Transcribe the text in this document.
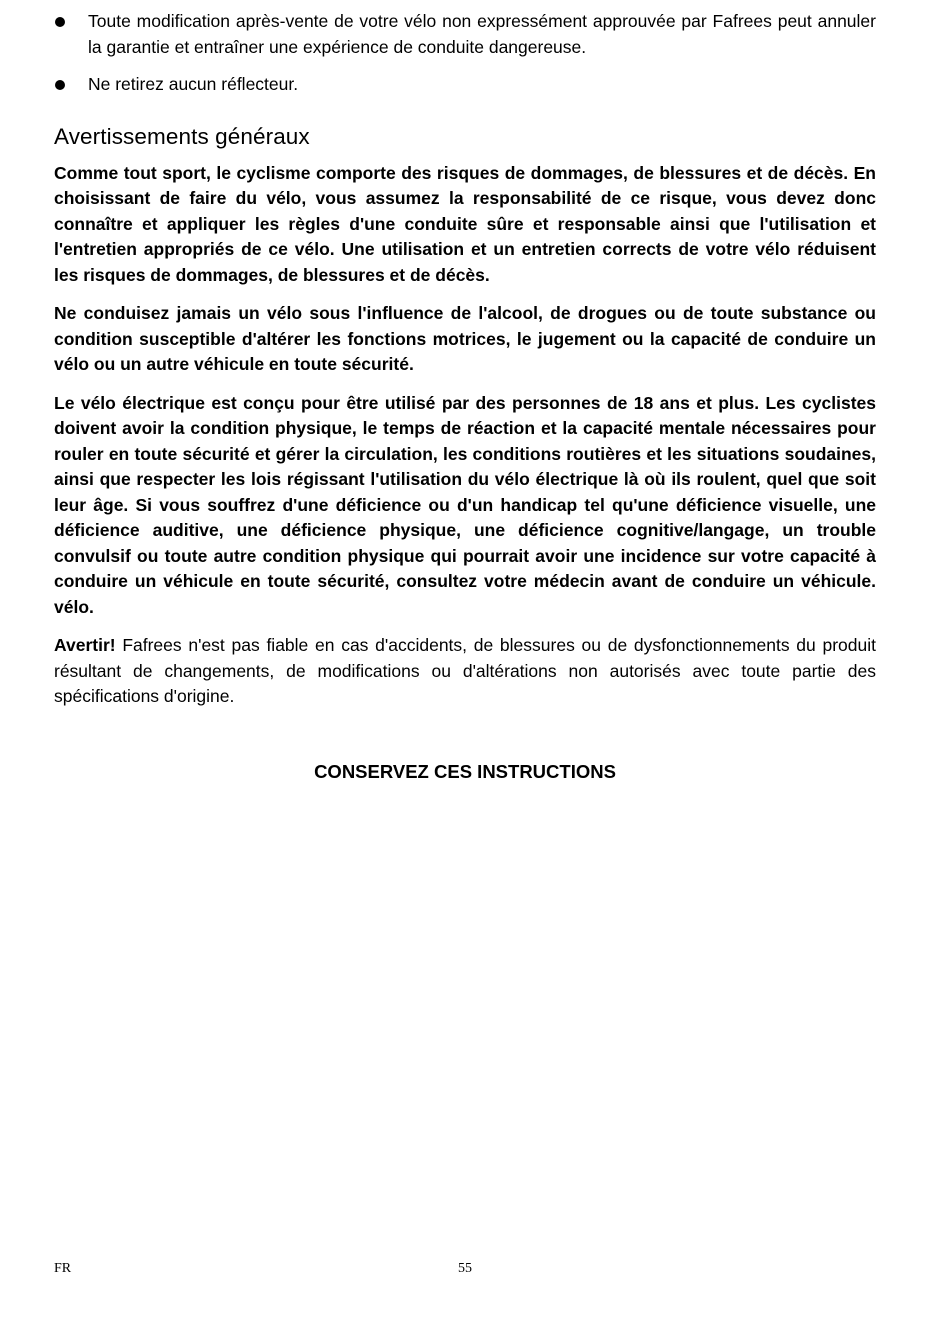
Toute modification après-vente de votre vélo non expressément approuvée par Fafrees peut annuler la garantie et entraîner une expérience de conduite dangereuse.
Ne retirez aucun réflecteur.
Avertissements généraux

Comme tout sport, le cyclisme comporte des risques de dommages, de blessures et de décès. En choisissant de faire du vélo, vous assumez la responsabilité de ce risque, vous devez donc connaître et appliquer les règles d'une conduite sûre et responsable ainsi que l'utilisation et l'entretien appropriés de ce vélo. Une utilisation et un entretien corrects de votre vélo réduisent les risques de dommages, de blessures et de décès.

Ne conduisez jamais un vélo sous l'influence de l'alcool, de drogues ou de toute substance ou condition susceptible d'altérer les fonctions motrices, le jugement ou la capacité de conduire un vélo ou un autre véhicule en toute sécurité.

Le vélo électrique est conçu pour être utilisé par des personnes de 18 ans et plus. Les cyclistes doivent avoir la condition physique, le temps de réaction et la capacité mentale nécessaires pour rouler en toute sécurité et gérer la circulation, les conditions routières et les situations soudaines, ainsi que respecter les lois régissant l'utilisation du vélo électrique là où ils roulent, quel que soit leur âge. Si vous souffrez d'une déficience ou d'un handicap tel qu'une déficience visuelle, une déficience auditive, une déficience physique, une déficience cognitive/langage, un trouble convulsif ou toute autre condition physique qui pourrait avoir une incidence sur votre capacité à conduire un véhicule en toute sécurité, consultez votre médecin avant de conduire un véhicule. vélo.

Avertir! Fafrees n'est pas fiable en cas d'accidents, de blessures ou de dysfonctionnements du produit résultant de changements, de modifications ou d'altérations non autorisés avec toute partie des spécifications d'origine.

CONSERVEZ CES INSTRUCTIONS
FR	55
